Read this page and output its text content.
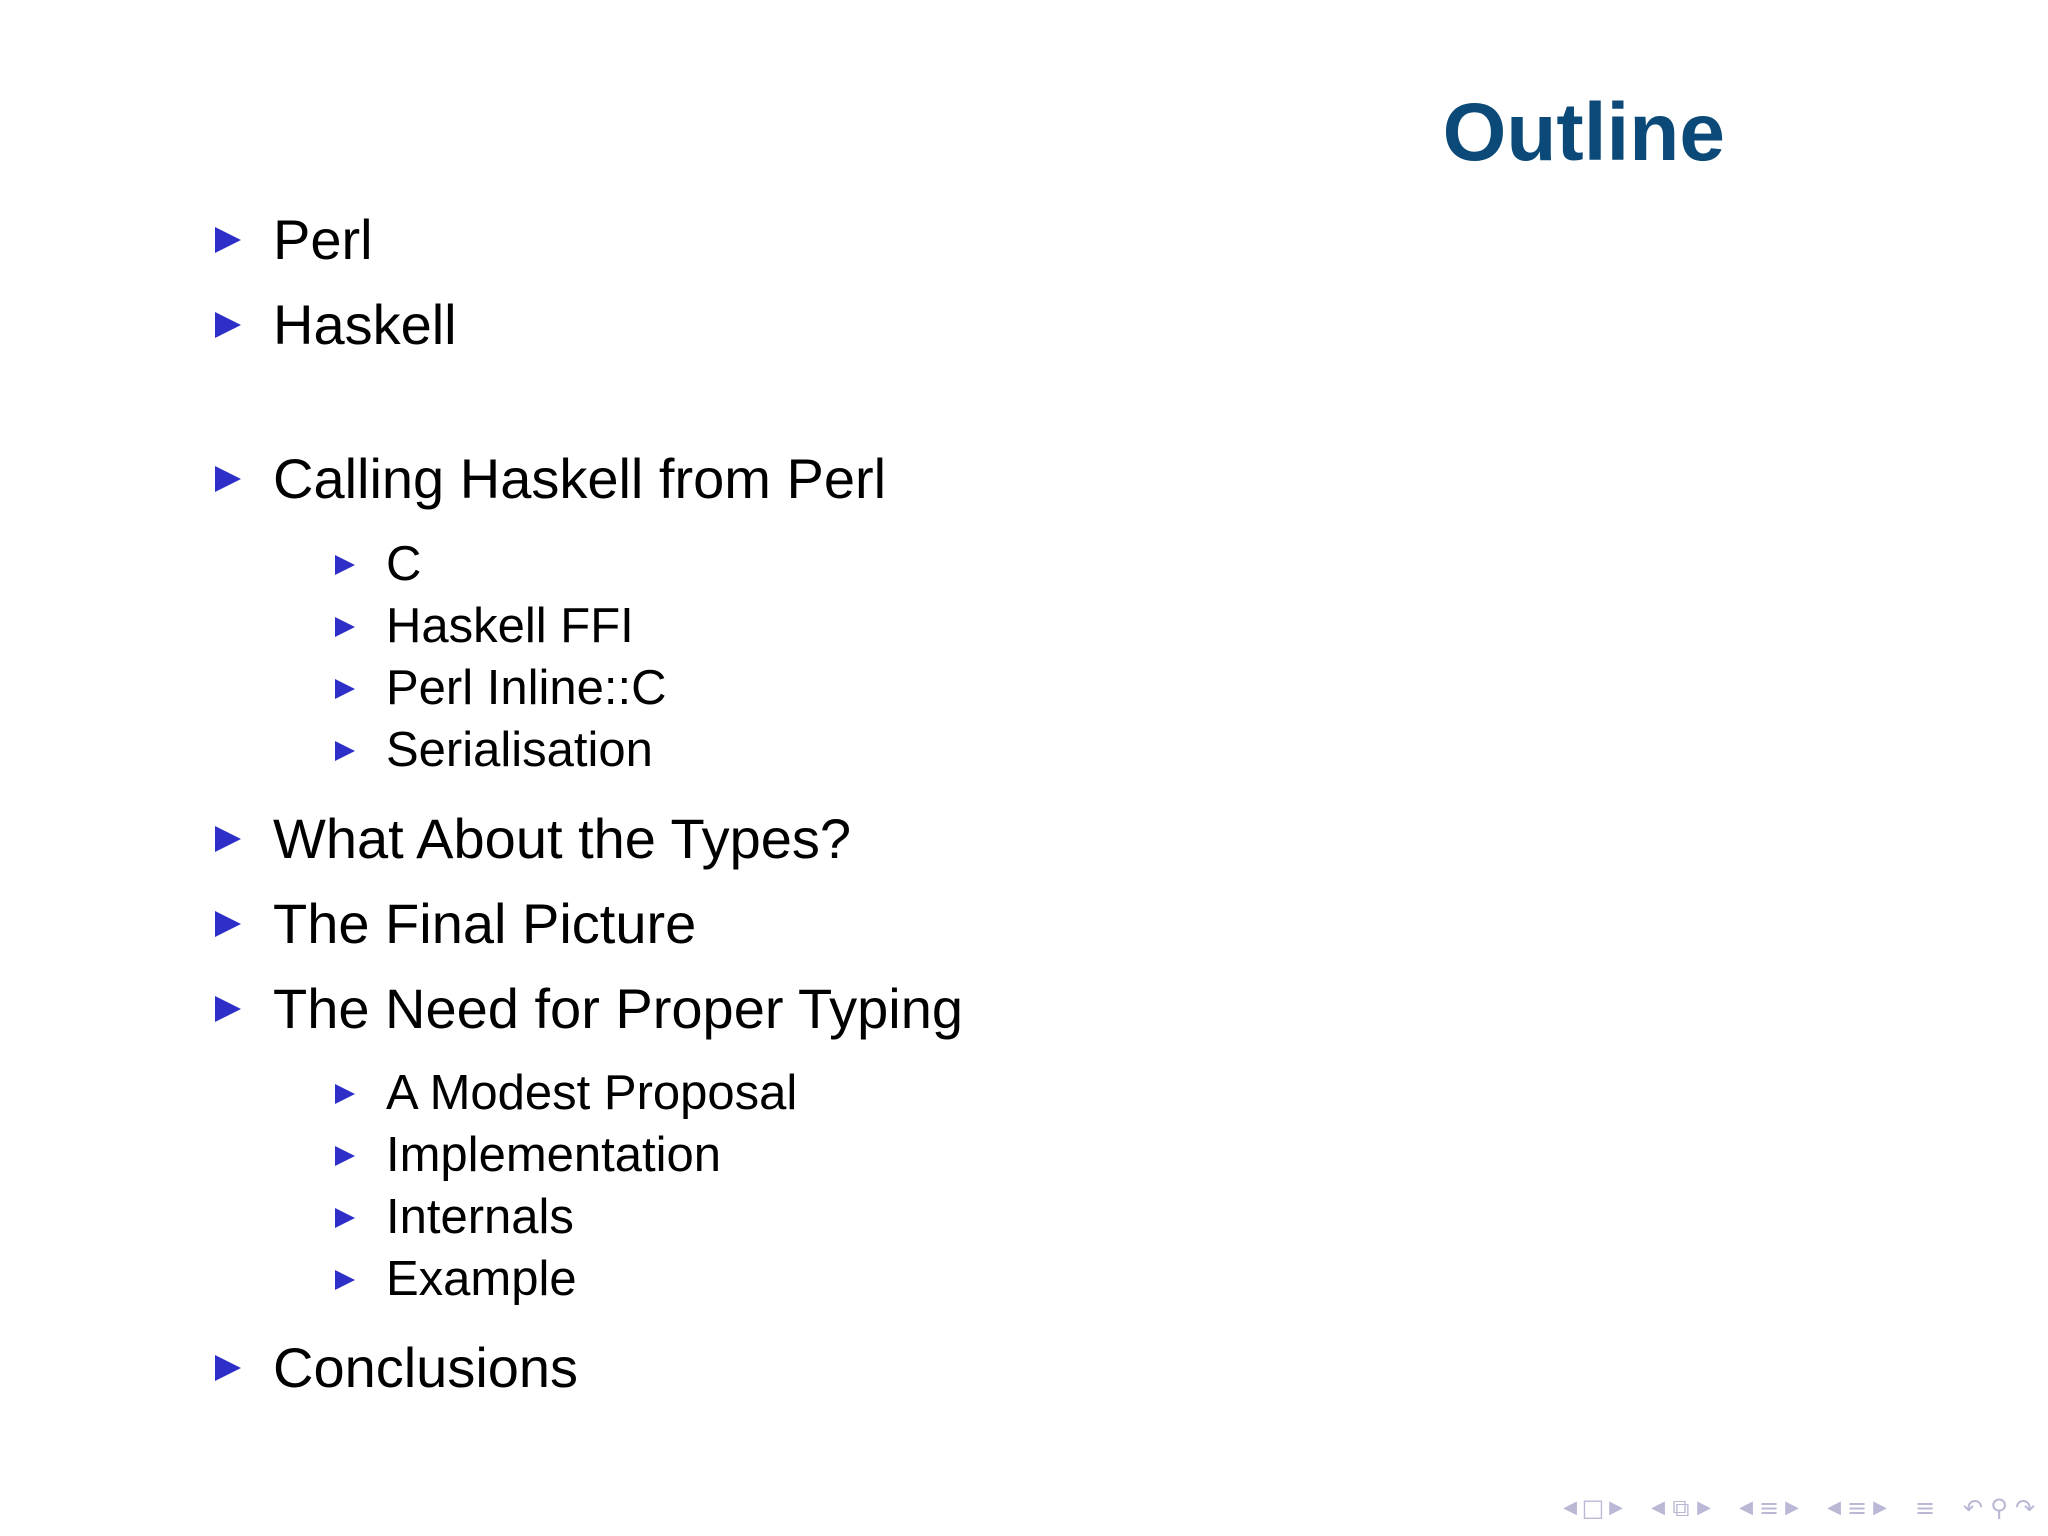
Outline
Perl
Haskell
Calling Haskell from Perl
C
Haskell FFI
Perl Inline::C
Serialisation
What About the Types?
The Final Picture
The Need for Proper Typing
A Modest Proposal
Implementation
Internals
Example
Conclusions
◀ □ ▶ ◀ ⧉ ▶ ◀ ≡ ▶ ◀ ≡ ▶ ≡ ↶ ⚲ ↷
